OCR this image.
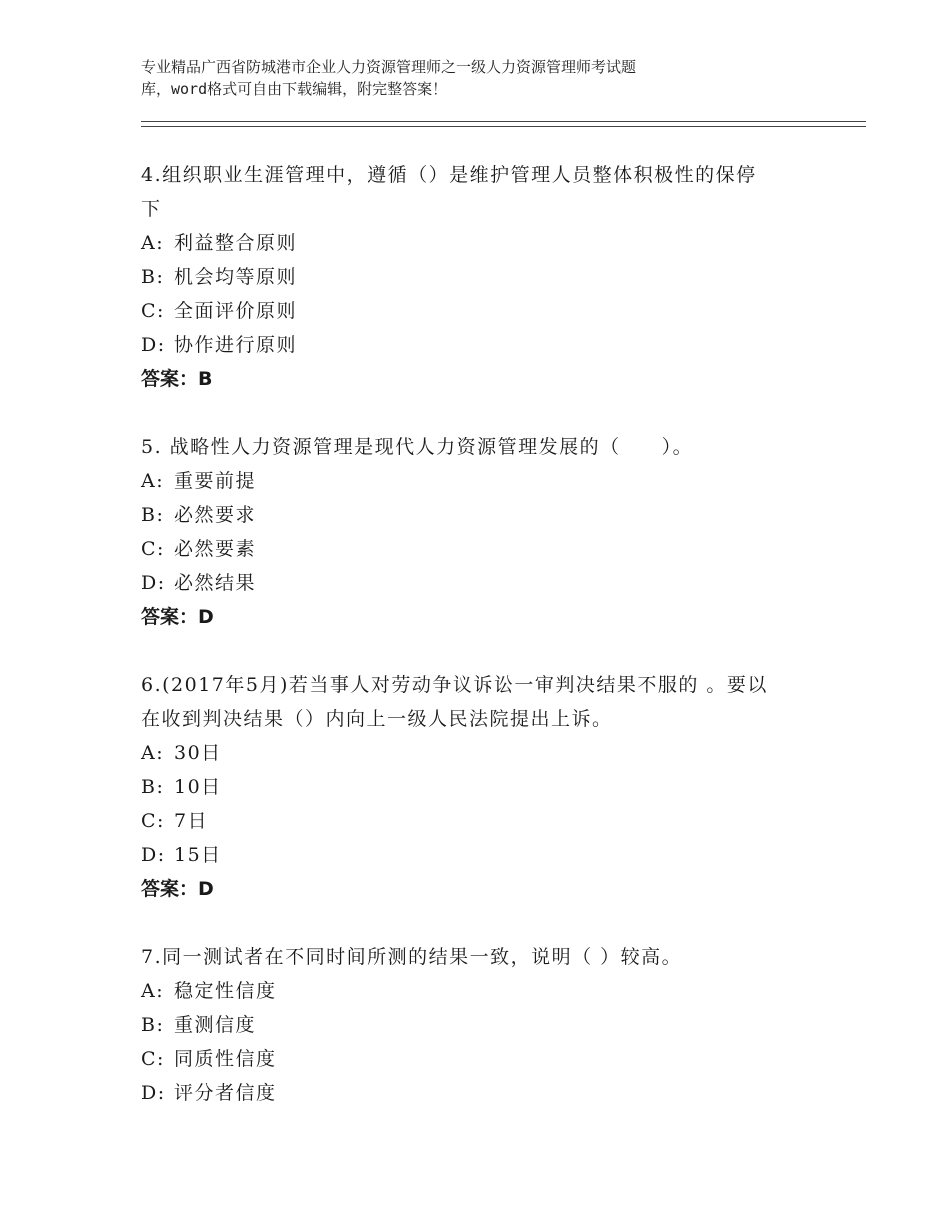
专业精品广西省防城港市企业人力资源管理师之一级人力资源管理师考试题
库，word格式可自由下载编辑，附完整答案！

4.组织职业生涯管理中，遵循（）是维护管理人员整体积极性的保停
下

A: 利益整合原则

B: 机会均等原则

C: 全面评价原则

D: 协作进行原则

答案：B

5. 战略性人力资源管理是现代人力资源管理发展的（　　）。

A: 重要前提

B: 必然要求

C: 必然要素

D: 必然结果

答案：D

6.(2017年5月)若当事人对劳动争议诉讼一审判决结果不服的 。要以
在收到判决结果（）内向上一级人民法院提出上诉。

A: 30日

B: 10日

C: 7日

D: 15日

答案：D

7.同一测试者在不同时间所测的结果一致，说明（ ）较高。

A: 稳定性信度

B: 重测信度

C: 同质性信度

D: 评分者信度
